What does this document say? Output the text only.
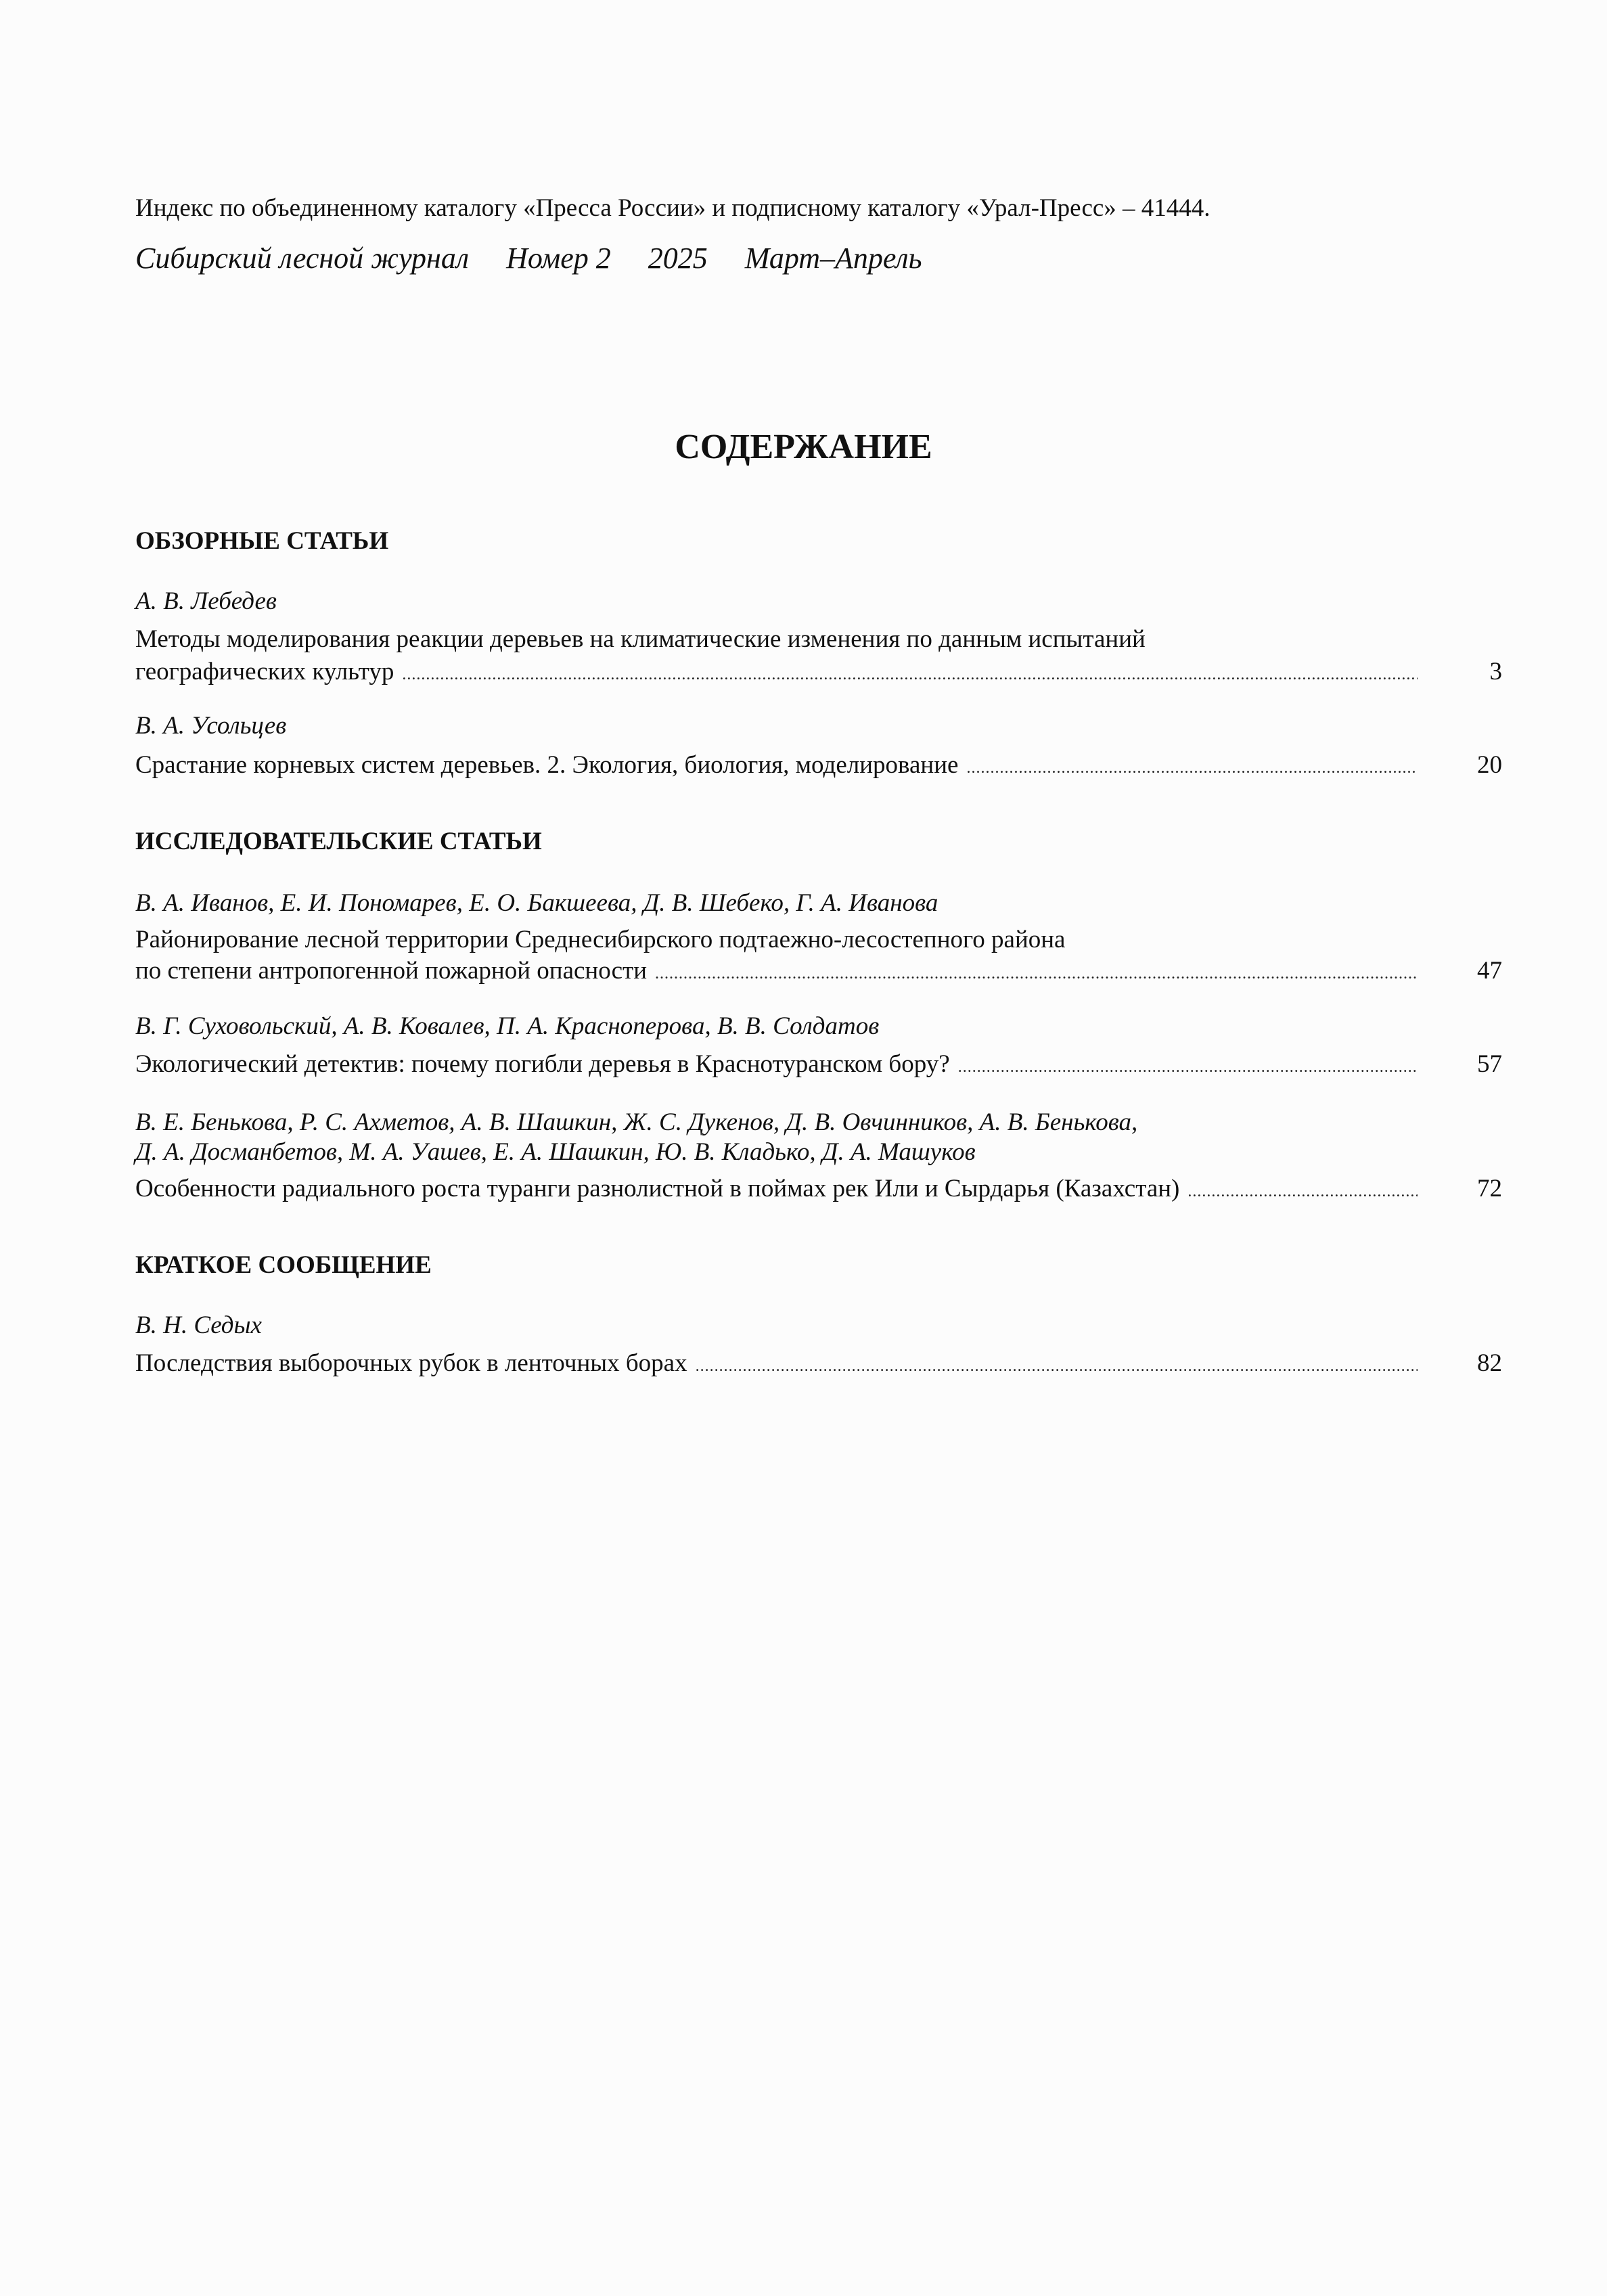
Индекс по объединенному каталогу «Пресса России» и подписному каталогу «Урал-Пресс» – 41444.
Сибирский лесной журнал Номер 2 2025 Март–Апрель
СОДЕРЖАНИЕ
ОБЗОРНЫЕ СТАТЬИ
А. В. Лебедев
Методы моделирования реакции деревьев на климатические изменения по данным испытаний
географических культур .....	3
В. А. Усольцев
Срастание корневых систем деревьев. 2. Экология, биология, моделирование .....	20
ИССЛЕДОВАТЕЛЬСКИЕ СТАТЬИ
В. А. Иванов, Е. И. Пономарев, Е. О. Бакшеева, Д. В. Шебеко, Г. А. Иванова
Районирование лесной территории Среднесибирского подтаежно-лесостепного района
по степени антропогенной пожарной опасности .....	47
В. Г. Суховольский, А. В. Ковалев, П. А. Красноперова, В. В. Солдатов
Экологический детектив: почему погибли деревья в Краснотуранском бору? .....	57
В. Е. Бенькова, Р. С. Ахметов, А. В. Шашкин, Ж. С. Дукенов, Д. В. Овчинников, А. В. Бенькова,
Д. А. Досманбетов, М. А. Уашев, Е. А. Шашкин, Ю. В. Кладько, Д. А. Машуков
Особенности радиального роста туранги разнолистной в поймах рек Или и Сырдарья (Казахстан) .....	72
КРАТКОЕ СООБЩЕНИЕ
В. Н. Седых
Последствия выборочных рубок в ленточных борах .....	82
